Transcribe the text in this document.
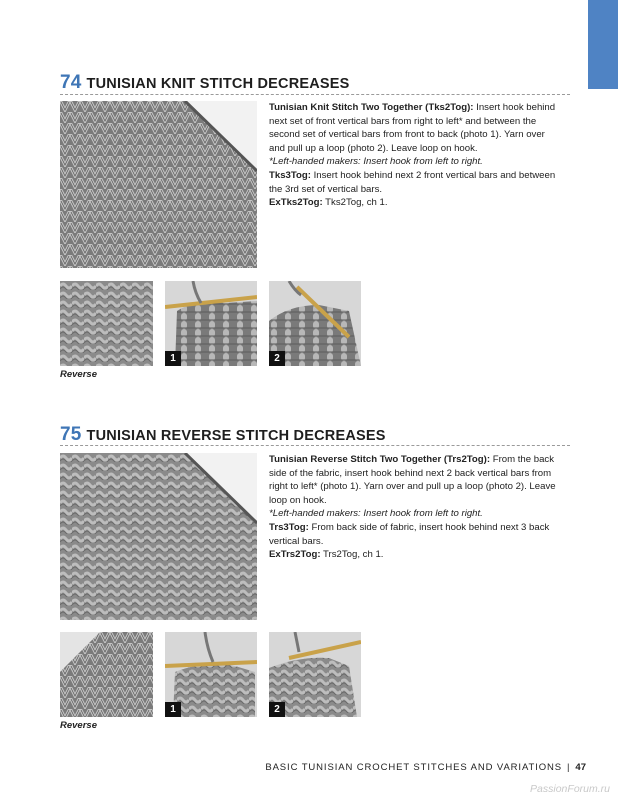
74 TUNISIAN KNIT STITCH DECREASES

Tunisian Knit Stitch Two Together (Tks2Tog): Insert hook behind next set of front vertical bars from right to left* and between the second set of vertical bars from front to back (photo 1). Yarn over and pull up a loop (photo 2). Leave loop on hook.

*Left-handed makers: Insert hook from left to right.

Tks3Tog: Insert hook behind next 2 front vertical bars and between the 3rd set of vertical bars.

ExTks2Tog: Tks2Tog, ch 1.

1	2
Reverse
75 TUNISIAN REVERSE STITCH DECREASES

Tunisian Reverse Stitch Two Together (Trs2Tog): From the back side of the fabric, insert hook behind next 2 back vertical bars from right to left* (photo 1). Yarn over and pull up a loop (photo 2). Leave loop on hook.

*Left-handed makers: Insert hook from left to right.

Trs3Tog: From back side of fabric, insert hook behind next 3 back vertical bars.

ExTrs2Tog: Trs2Tog, ch 1.

1	2
Reverse
BASIC TUNISIAN CROCHET STITCHES AND VARIATIONS | 47
PassionForum.ru
